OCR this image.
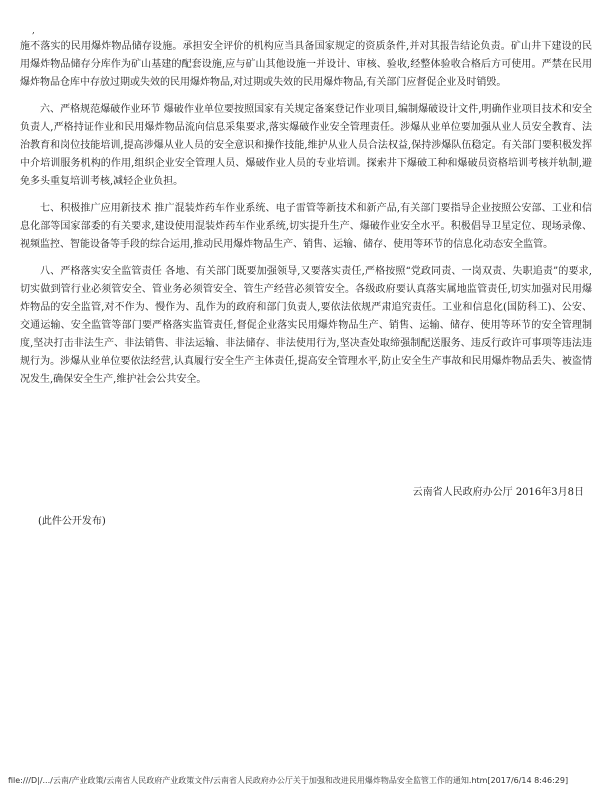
,

施不落实的民用爆炸物品储存设施。承担安全评价的机构应当具备国家规定的资质条件,并对其报告结论负责。矿山井下建设的民用爆炸物品储存分库作为矿山基建的配套设施,应与矿山其他设施一并设计、审核、验收,经整体验收合格后方可使用。严禁在民用爆炸物品仓库中存放过期或失效的民用爆炸物品,对过期或失效的民用爆炸物品,有关部门应督促企业及时销毁。

六、严格规范爆破作业环节 爆破作业单位要按照国家有关规定备案登记作业项目,编制爆破设计文件,明确作业项目技术和安全负责人,严格持证作业和民用爆炸物品流向信息采集要求,落实爆破作业安全管理责任。涉爆从业单位要加强从业人员安全教育、法治教育和岗位技能培训,提高涉爆从业人员的安全意识和操作技能,维护从业人员合法权益,保持涉爆队伍稳定。有关部门要积极发挥中介培训服务机构的作用,组织企业安全管理人员、爆破作业人员的专业培训。探索井下爆破工种和爆破员资格培训考核并轨制,避免多头重复培训考核,减轻企业负担。

七、积极推广应用新技术 推广混装炸药车作业系统、电子雷管等新技术和新产品,有关部门要指导企业按照公安部、工业和信息化部等国家部委的有关要求,建设使用混装炸药车作业系统,切实提升生产、爆破作业安全水平。积极倡导卫星定位、现场录像、视频监控、智能设备等手段的综合运用,推动民用爆炸物品生产、销售、运输、储存、使用等环节的信息化动态安全监管。

八、严格落实安全监管责任 各地、有关部门既要加强领导,又要落实责任,严格按照“党政同责、一岗双责、失职追责”的要求,切实做到管行业必须管安全、管业务必须管安全、管生产经营必须管安全。各级政府要认真落实属地监管责任,切实加强对民用爆炸物品的安全监管,对不作为、慢作为、乱作为的政府和部门负责人,要依法依规严肃追究责任。工业和信息化(国防科工)、公安、交通运输、安全监管等部门要严格落实监管责任,督促企业落实民用爆炸物品生产、销售、运输、储存、使用等环节的安全管理制度,坚决打击非法生产、非法销售、非法运输、非法储存、非法使用行为,坚决查处取缔强制配送服务、违反行政许可事项等违法违规行为。涉爆从业单位要依法经营,认真履行安全生产主体责任,提高安全管理水平,防止安全生产事故和民用爆炸物品丢失、被盗情况发生,确保安全生产,维护社会公共安全。

云南省人民政府办公厅 2016年3月8日
(此件公开发布)
file:///D|/.../云南/产业政策/云南省人民政府产业政策文件/云南省人民政府办公厅关于加强和改进民用爆炸物品安全监管工作的通知.htm[2017/6/14 8:46:29]
